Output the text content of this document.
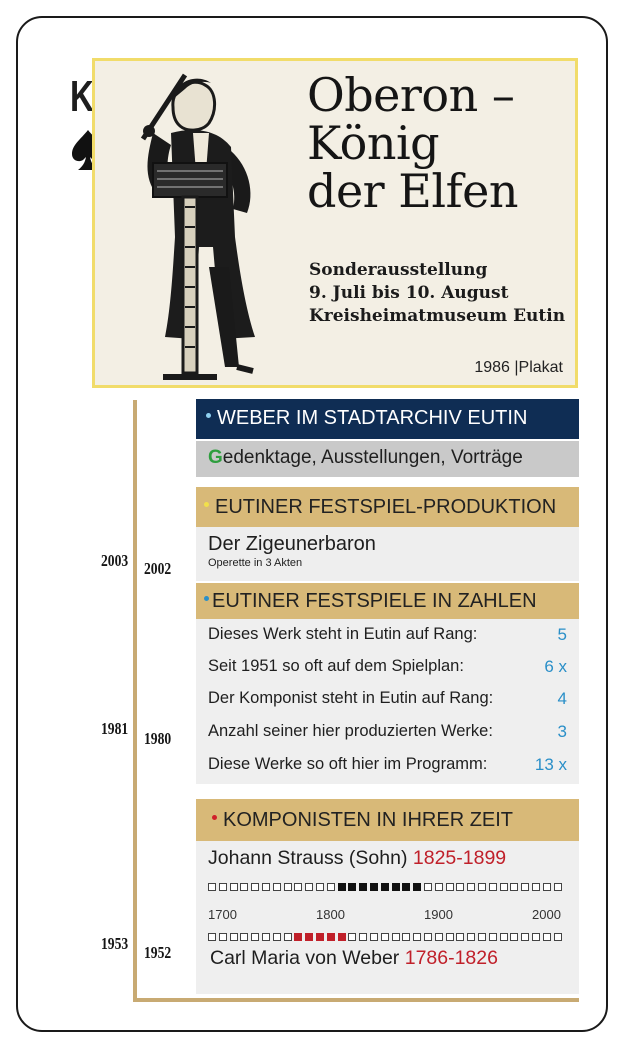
K	Oberon –
König
der Elfen
Sonderausstellung
9. Juli bis 10. August
Kreisheimatmuseum Eutin
1986 |Plakat
2003 2002
1981
1980
1953 1952
WEBER IM STADTARCHIV EUTIN
Gedenktage, Ausstellungen, Vorträge
EUTINER FESTSPIEL-PRODUKTION
Der Zigeunerbaron
Operette in 3 Akten
EUTINER FESTSPIELE IN ZAHLEN
Dieses Werk steht in Eutin auf Rang:	5
Seit 1951 so oft auf dem Spielplan:	6 x
Der Komponist steht in Eutin auf Rang:	4
Anzahl seiner hier produzierten Werke:	3
Diese Werke so oft hier im Programm:	13 x
KOMPONISTEN IN IHRER ZEIT
Johann Strauss (Sohn) 1825-1899
1700	1800	1900	2000
Carl Maria von Weber 1786-1826
